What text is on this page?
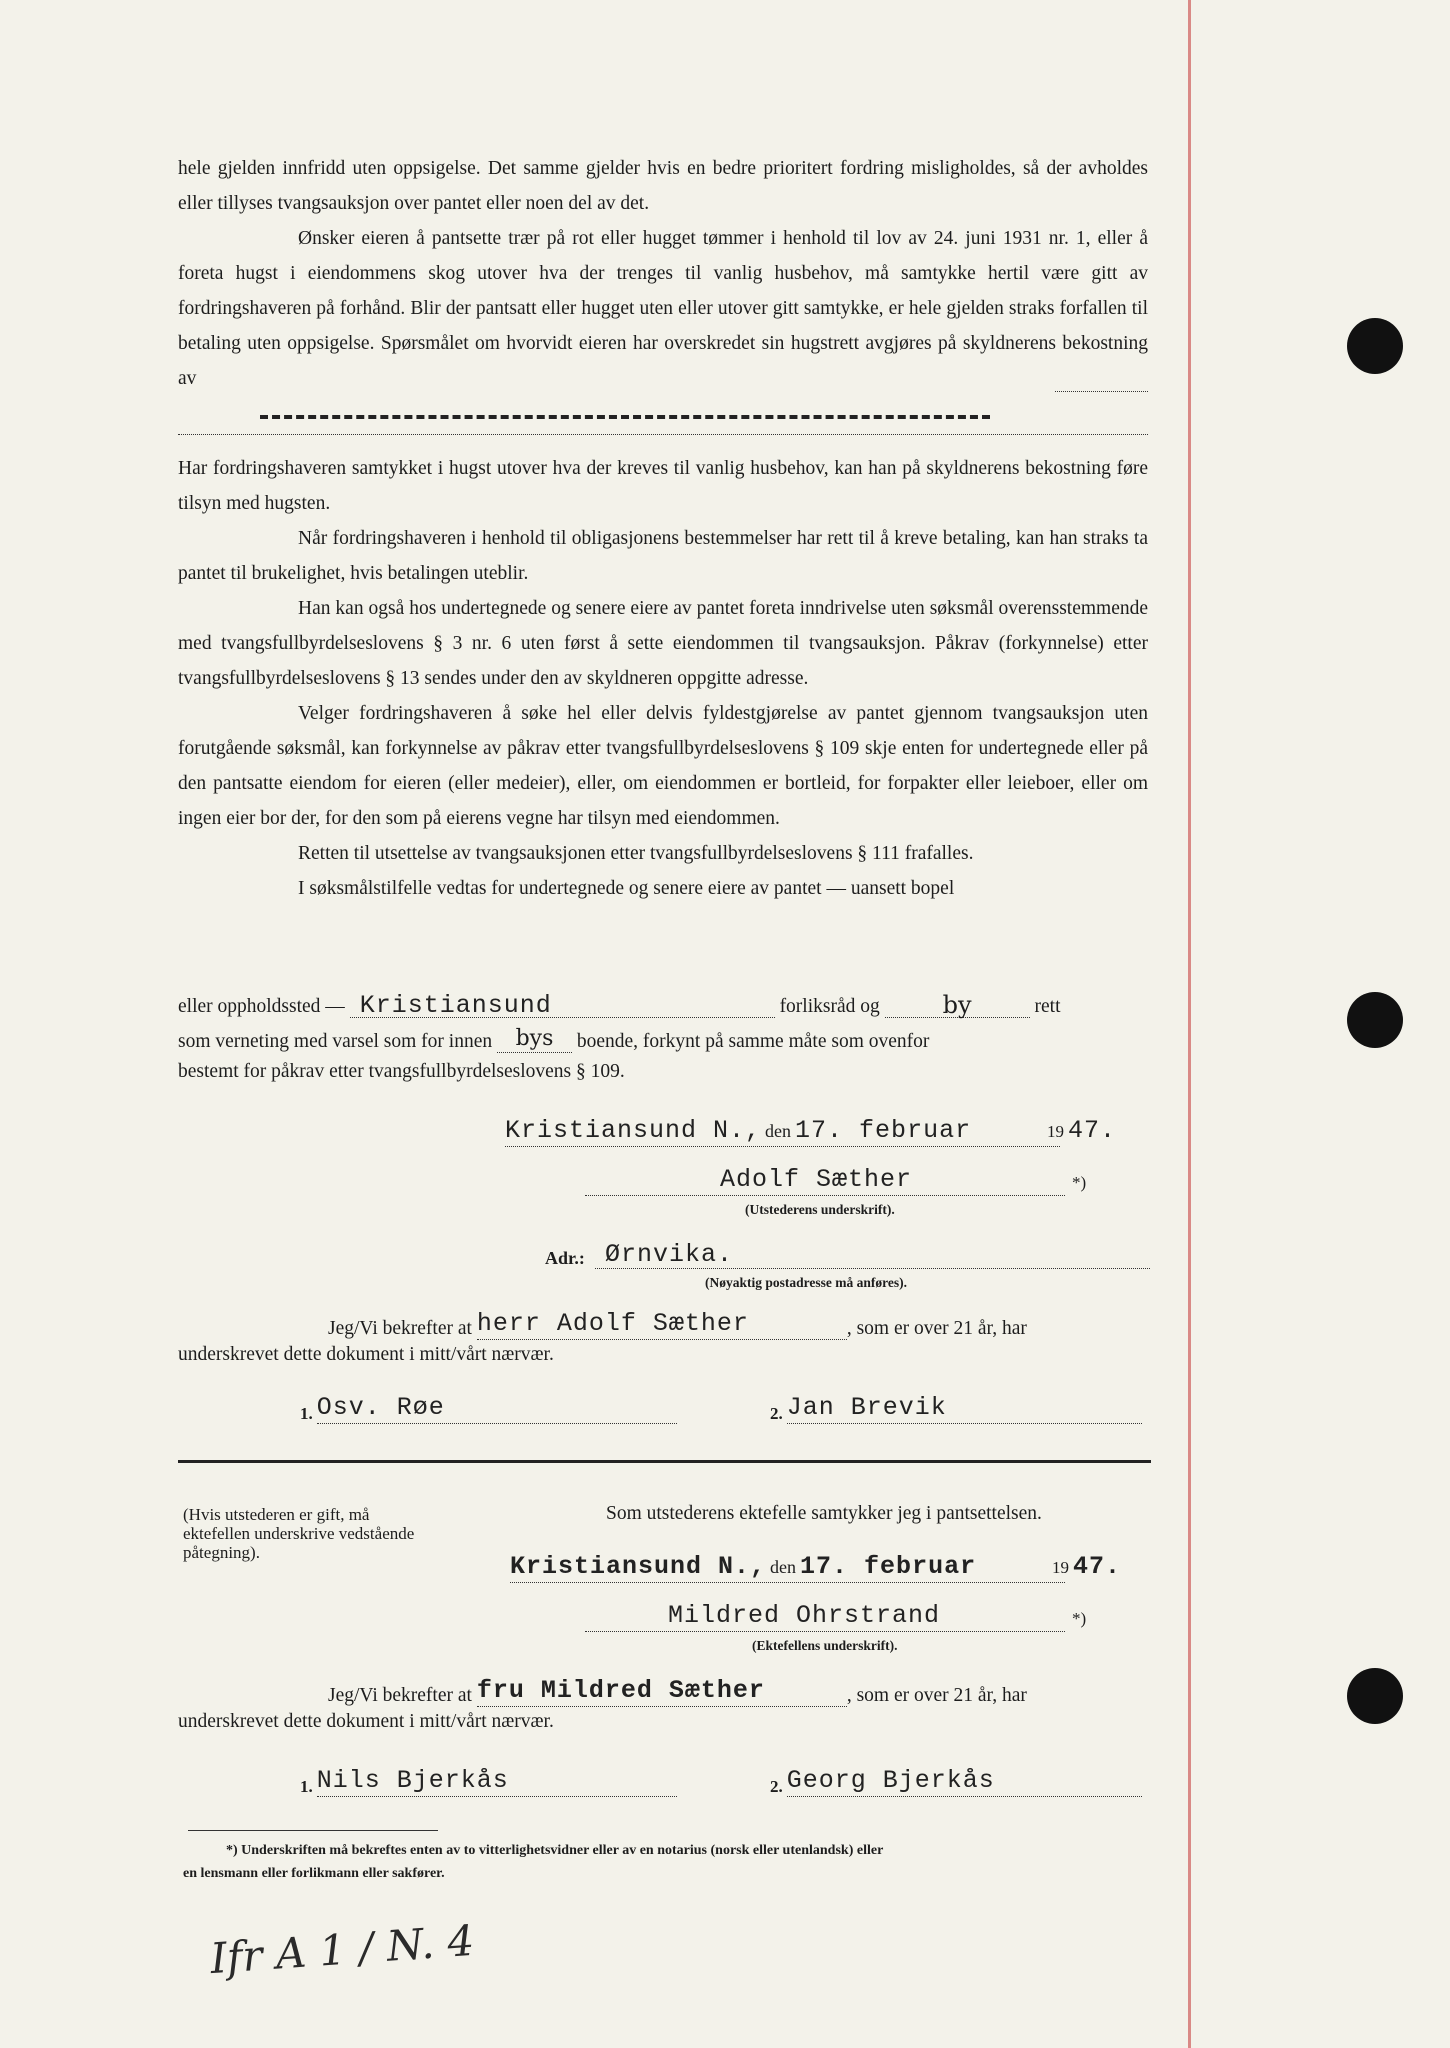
hele gjelden innfridd uten oppsigelse. Det samme gjelder hvis en bedre prioritert fordring misligholdes, så der avholdes eller tillyses tvangsauksjon over pantet eller noen del av det.

Ønsker eieren å pantsette trær på rot eller hugget tømmer i henhold til lov av 24. juni 1931 nr. 1, eller å foreta hugst i eiendommens skog utover hva der trenges til vanlig husbehov, må samtykke hertil være gitt av fordringshaveren på forhånd. Blir der pantsatt eller hugget uten eller utover gitt samtykke, er hele gjelden straks forfallen til betaling uten oppsigelse. Spørsmålet om hvorvidt eieren har overskredet sin hugstrett avgjøres på skyldnerens bekostning av

Har fordringshaveren samtykket i hugst utover hva der kreves til vanlig husbehov, kan han på skyldnerens bekostning føre tilsyn med hugsten.

Når fordringshaveren i henhold til obligasjonens bestemmelser har rett til å kreve betaling, kan han straks ta pantet til brukelighet, hvis betalingen uteblir.

Han kan også hos undertegnede og senere eiere av pantet foreta inndrivelse uten søksmål overensstemmende med tvangsfullbyrdelseslovens § 3 nr. 6 uten først å sette eiendommen til tvangsauksjon. Påkrav (forkynnelse) etter tvangsfullbyrdelseslovens § 13 sendes under den av skyldneren oppgitte adresse.

Velger fordringshaveren å søke hel eller delvis fyldestgjørelse av pantet gjennom tvangsauksjon uten forutgående søksmål, kan forkynnelse av påkrav etter tvangsfullbyrdelseslovens § 109 skje enten for undertegnede eller på den pantsatte eiendom for eieren (eller medeier), eller, om eiendommen er bortleid, for forpakter eller leieboer, eller om ingen eier bor der, for den som på eierens vegne har tilsyn med eiendommen.

Retten til utsettelse av tvangsauksjonen etter tvangsfullbyrdelseslovens § 111 frafalles.

I søksmålstilfelle vedtas for undertegnede og senere eiere av pantet — uansett bopel

eller oppholdssted — Kristiansund	forliksråd og	by	rett
som verneting med varsel som for innen bys boende, forkynt på samme måte som ovenfor
bestemt for påkrav etter tvangsfullbyrdelseslovens § 109.
Kristiansund N., den 17. februar	19 47.
Adolf Sæther	*)
(Utstederens underskrift).
Adr.: Ørnvika.
(Nøyaktig postadresse må anføres).
Jeg/Vi bekrefter at herr Adolf Sæther	, som er over 21 år, har
underskrevet dette dokument i mitt/vårt nærvær.
1. Osv. Røe	2. Jan Brevik
(Hvis utstederen er gift, må ektefellen underskrive vedstående påtegning).
Som utstederens ektefelle samtykker jeg i pantsettelsen.
Kristiansund N., den 17. februar	19 47.
Mildred Ohrstrand	*)
(Ektefellens underskrift).
Jeg/Vi bekrefter at fru Mildred Sæther	, som er over 21 år, har
underskrevet dette dokument i mitt/vårt nærvær.
1. Nils Bjerkås	2. Georg Bjerkås
*) Underskriften må bekreftes enten av to vitterlighetsvidner eller av en notarius (norsk eller utenlandsk) eller
en lensmann eller forlikmann eller sakfører.
Ifr A 1 / N. 4
